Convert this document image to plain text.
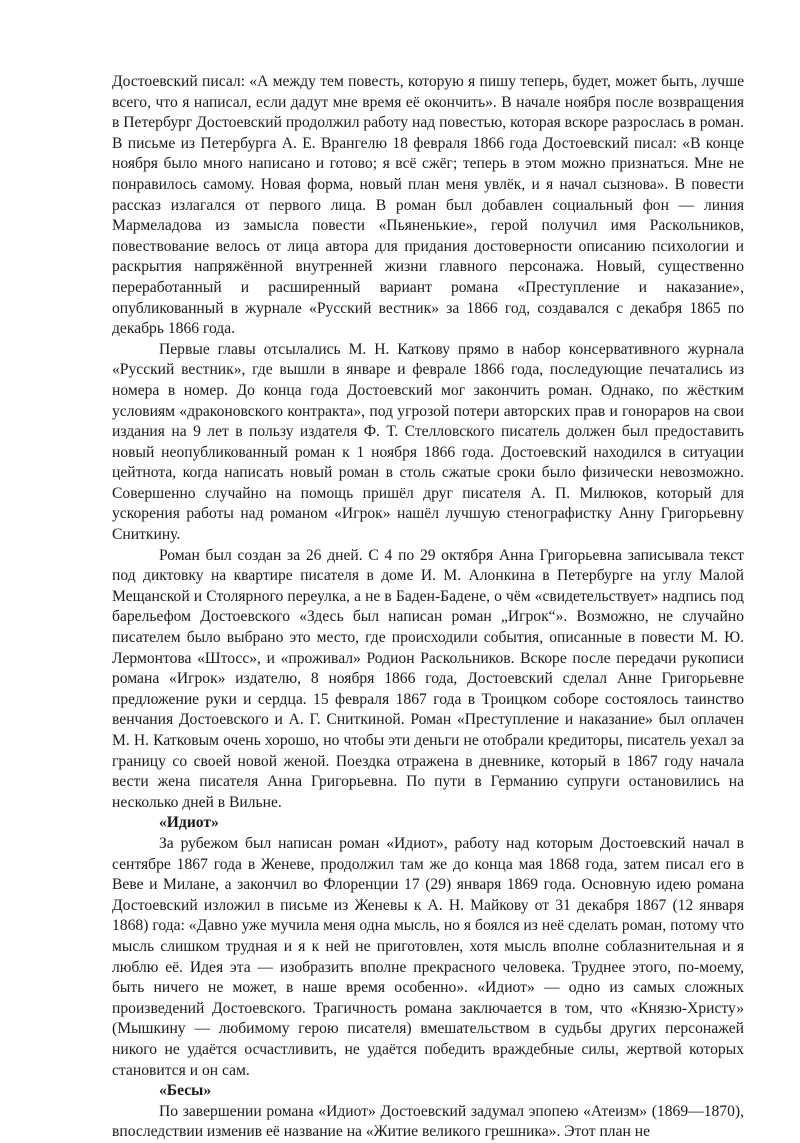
Достоевский писал: «А между тем повесть, которую я пишу теперь, будет, может быть, лучше всего, что я написал, если дадут мне время её окончить». В начале ноября после возвращения в Петербург Достоевский продолжил работу над повестью, которая вскоре разрослась в роман. В письме из Петербурга А. Е. Врангелю 18 февраля 1866 года Достоевский писал: «В конце ноября было много написано и готово; я всё сжёг; теперь в этом можно признаться. Мне не понравилось самому. Новая форма, новый план меня увлёк, и я начал сызнова». В повести рассказ излагался от первого лица. В роман был добавлен социальный фон — линия Мармеладова из замысла повести «Пьяненькие», герой получил имя Раскольников, повествование велось от лица автора для придания достоверности описанию психологии и раскрытия напряжённой внутренней жизни главного персонажа. Новый, существенно переработанный и расширенный вариант романа «Преступление и наказание», опубликованный в журнале «Русский вестник» за 1866 год, создавался с декабря 1865 по декабрь 1866 года.

Первые главы отсылались М. Н. Каткову прямо в набор консервативного журнала «Русский вестник», где вышли в январе и феврале 1866 года, последующие печатались из номера в номер. До конца года Достоевский мог закончить роман. Однако, по жёстким условиям «драконовского контракта», под угрозой потери авторских прав и гонораров на свои издания на 9 лет в пользу издателя Ф. Т. Стелловского писатель должен был предоставить новый неопубликованный роман к 1 ноября 1866 года. Достоевский находился в ситуации цейтнота, когда написать новый роман в столь сжатые сроки было физически невозможно. Совершенно случайно на помощь пришёл друг писателя А. П. Милюков, который для ускорения работы над романом «Игрок» нашёл лучшую стенографистку Анну Григорьевну Сниткину.

Роман был создан за 26 дней. С 4 по 29 октября Анна Григорьевна записывала текст под диктовку на квартире писателя в доме И. М. Алонкина в Петербурге на углу Малой Мещанской и Столярного переулка, а не в Баден-Бадене, о чём «свидетельствует» надпись под барельефом Достоевского «Здесь был написан роман „Игрок“». Возможно, не случайно писателем было выбрано это место, где происходили события, описанные в повести М. Ю. Лермонтова «Штосс», и «проживал» Родион Раскольников. Вскоре после передачи рукописи романа «Игрок» издателю, 8 ноября 1866 года, Достоевский сделал Анне Григорьевне предложение руки и сердца. 15 февраля 1867 года в Троицком соборе состоялось таинство венчания Достоевского и А. Г. Сниткиной. Роман «Преступление и наказание» был оплачен М. Н. Катковым очень хорошо, но чтобы эти деньги не отобрали кредиторы, писатель уехал за границу со своей новой женой. Поездка отражена в дневнике, который в 1867 году начала вести жена писателя Анна Григорьевна. По пути в Германию супруги остановились на несколько дней в Вильне.

«Идиот»

За рубежом был написан роман «Идиот», работу над которым Достоевский начал в сентябре 1867 года в Женеве, продолжил там же до конца мая 1868 года, затем писал его в Веве и Милане, а закончил во Флоренции 17 (29) января 1869 года. Основную идею романа Достоевский изложил в письме из Женевы к А. Н. Майкову от 31 декабря 1867 (12 января 1868) года: «Давно уже мучила меня одна мысль, но я боялся из неё сделать роман, потому что мысль слишком трудная и я к ней не приготовлен, хотя мысль вполне соблазнительная и я люблю её. Идея эта — изобразить вполне прекрасного человека. Труднее этого, по-моему, быть ничего не может, в наше время особенно». «Идиот» — одно из самых сложных произведений Достоевского. Трагичность романа заключается в том, что «Князю-Христу» (Мышкину — любимому герою писателя) вмешательством в судьбы других персонажей никого не удаётся осчастливить, не удаётся победить враждебные силы, жертвой которых становится и он сам.

«Бесы»

По завершении романа «Идиот» Достоевский задумал эпопею «Атеизм» (1869—1870), впоследствии изменив её название на «Житие великого грешника». Этот план не
